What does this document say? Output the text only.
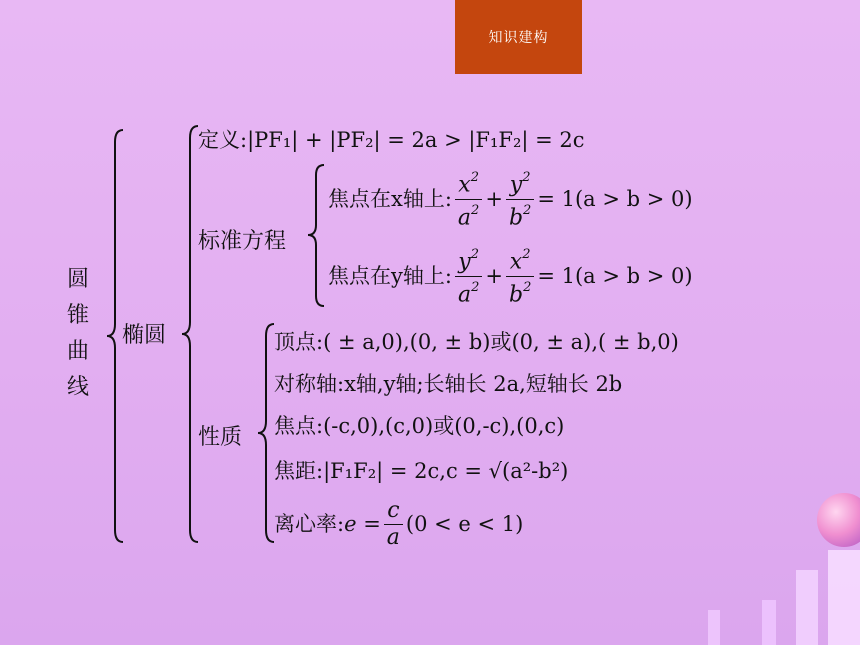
知识建构
圆
锥
曲
线
椭圆
标准方程
性质
定义: |PF₁| + |PF₂| = 2a > |F₁F₂| = 2c
焦点在x轴上: $\frac{x^2}{a^2} + \frac{y^2}{b^2} = 1(a > b > 0)$
焦点在y轴上: $\frac{y^2}{a^2} + \frac{x^2}{b^2} = 1(a > b > 0)$
顶点:( ± a,0),(0, ± b)或(0, ± a),( ± b,0)
对称轴:x轴,y轴;长轴长 2a,短轴长 2b
焦点:(-c,0),(c,0)或(0,-c),(0,c)
焦距: |F₁F₂| = 2c,c = √(a²-b²)
离心率: $e = \frac{c}{a} (0 < e < 1)$
